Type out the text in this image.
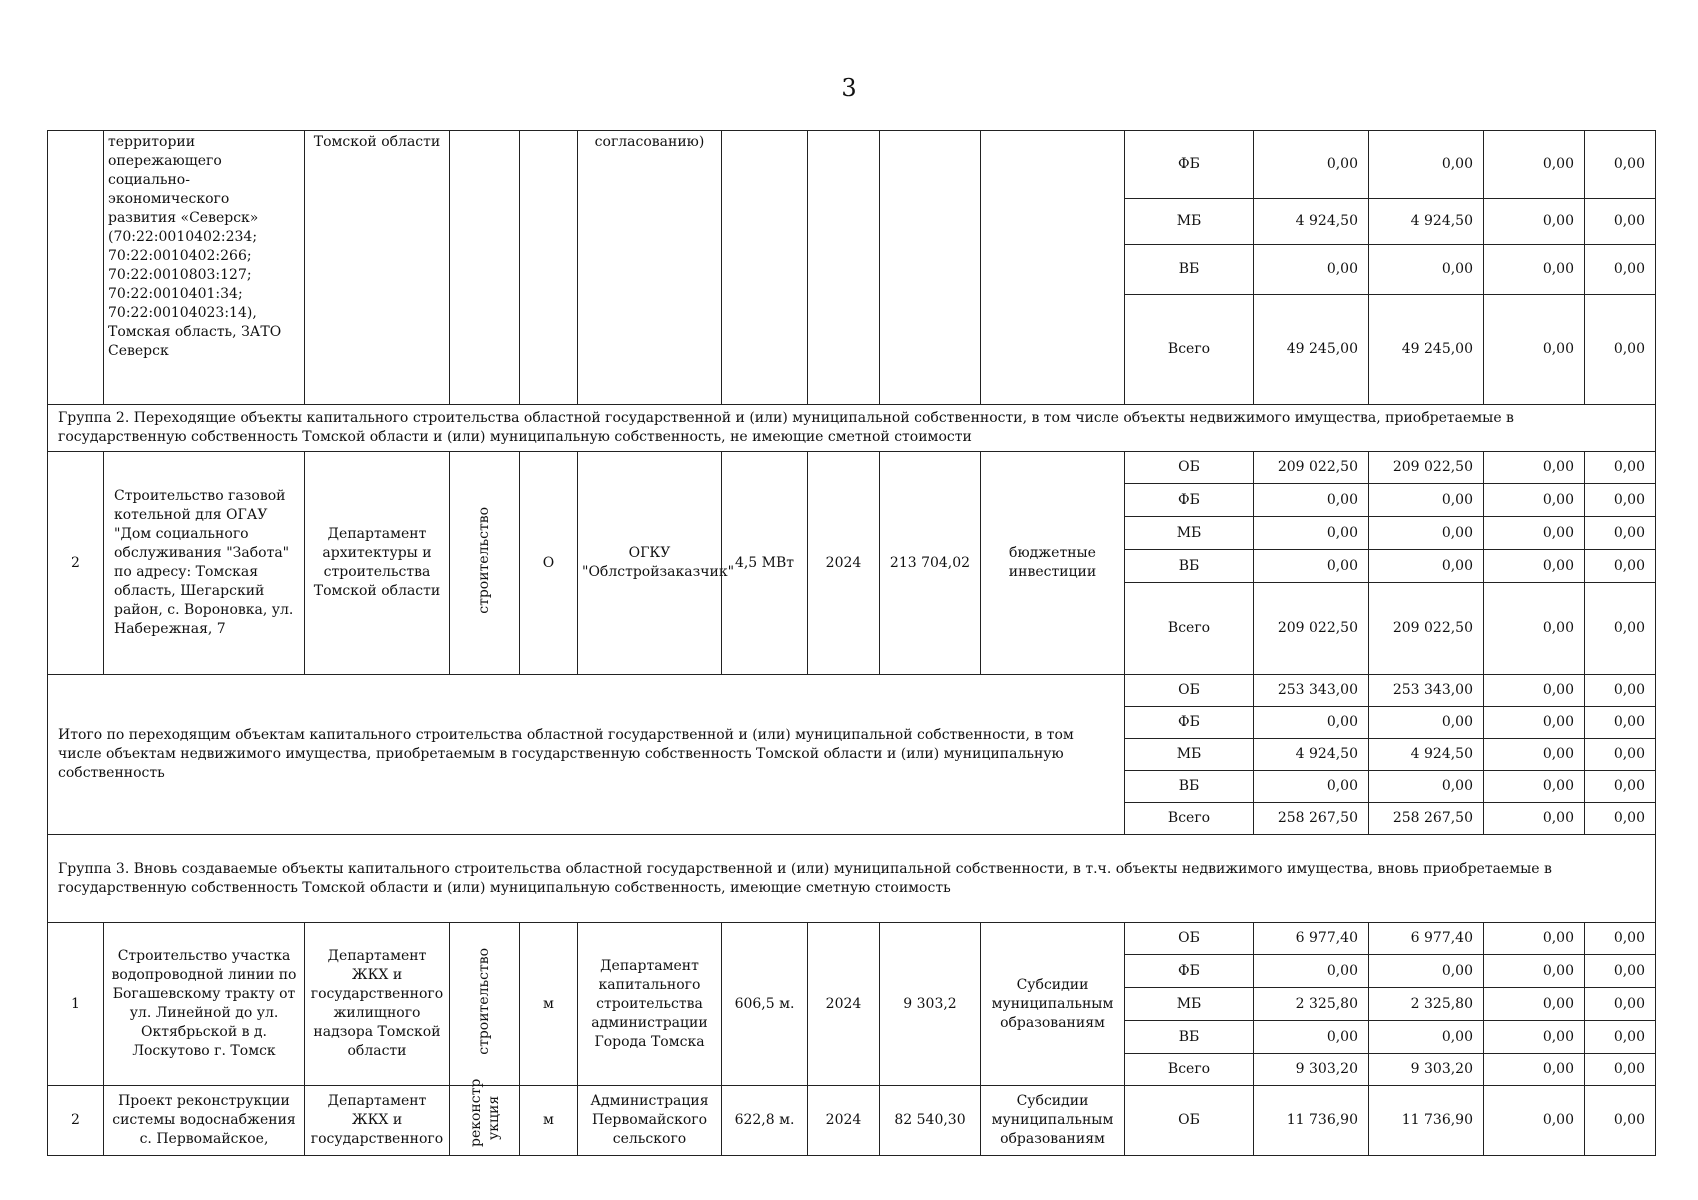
3
	территории опережающего социально-экономического развития «Северск» (70:22:0010402:234; 70:22:0010402:266; 70:22:0010803:127; 70:22:0010401:34; 70:22:00104023:14), Томская область, ЗАТО Северск	Томской области			согласованию)					ФБ	0,00	0,00	0,00	0,00
										МБ	4 924,50	4 924,50	0,00	0,00
										ВБ	0,00	0,00	0,00	0,00
										Всего	49 245,00	49 245,00	0,00	0,00
Группа 2. Переходящие объекты капитального строительства областной государственной и (или) муниципальной собственности, в том числе объекты недвижимого имущества, приобретаемые в государственную собственность Томской области и (или) муниципальную собственность, не имеющие сметной стоимости														
2	Строительство газовой котельной для ОГАУ "Дом социального обслуживания "Забота" по адресу: Томская область, Шегарский район, с. Вороновка, ул. Набережная, 7	Департамент архитектуры и строительства Томской области	строительство	О	ОГКУ "Облстройзаказчик"	4,5 МВт	2024	213 704,02	бюджетные инвестиции	ОБ	209 022,50	209 022,50	0,00	0,00
										ФБ	0,00	0,00	0,00	0,00
										МБ	0,00	0,00	0,00	0,00
										ВБ	0,00	0,00	0,00	0,00
										Всего	209 022,50	209 022,50	0,00	0,00
Итого по переходящим объектам капитального строительства областной государственной и (или) муниципальной собственности, в том числе объектам недвижимого имущества, приобретаемым в государственную собственность Томской области и (или) муниципальную собственность										ОБ	253 343,00	253 343,00	0,00	0,00
										ФБ	0,00	0,00	0,00	0,00
										МБ	4 924,50	4 924,50	0,00	0,00
										ВБ	0,00	0,00	0,00	0,00
										Всего	258 267,50	258 267,50	0,00	0,00
Группа 3. Вновь создаваемые объекты капитального строительства областной государственной и (или) муниципальной собственности, в т.ч. объекты недвижимого имущества, вновь приобретаемые в государственную собственность Томской области и (или) муниципальную собственность, имеющие сметную стоимость														
1	Строительство участка водопроводной линии по Богашевскому тракту от ул. Линейной до ул. Октябрьской в д. Лоскутово г. Томск	Департамент ЖКХ и государственного жилищного надзора Томской области	строительство	м	Департамент капитального строительства администрации Города Томска	606,5 м.	2024	9 303,2	Субсидии муниципальным образованиям	ОБ	6 977,40	6 977,40	0,00	0,00
										ФБ	0,00	0,00	0,00	0,00
										МБ	2 325,80	2 325,80	0,00	0,00
										ВБ	0,00	0,00	0,00	0,00
										Всего	9 303,20	9 303,20	0,00	0,00
2	Проект реконструкции системы водоснабжения с. Первомайское,	Департамент ЖКХ и государственного	реконстр укция	м	Администрация Первомайского сельского	622,8 м.	2024	82 540,30	Субсидии муниципальным образованиям	ОБ	11 736,90	11 736,90	0,00	0,00
